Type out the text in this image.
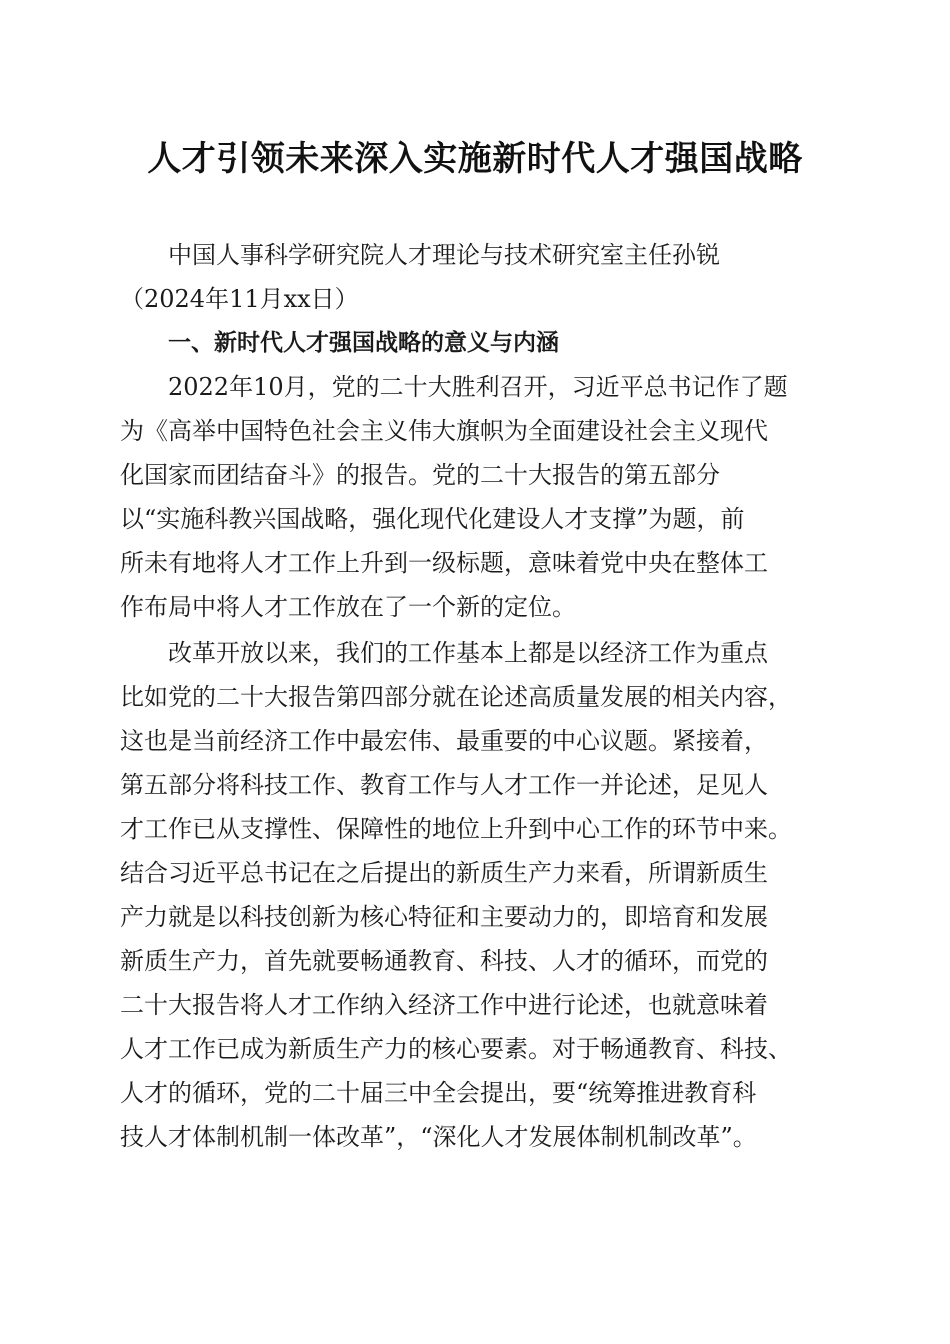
人才引领未来深入实施新时代人才强国战略
中国人事科学研究院人才理论与技术研究室主任孙锐
（2024年11月xx日）
一、新时代人才强国战略的意义与内涵
2022年10月，党的二十大胜利召开，习近平总书记作了题
为《高举中国特色社会主义伟大旗帜为全面建设社会主义现代
化国家而团结奋斗》的报告。党的二十大报告的第五部分
以“实施科教兴国战略，强化现代化建设人才支撑”为题，前
所未有地将人才工作上升到一级标题，意味着党中央在整体工
作布局中将人才工作放在了一个新的定位。
改革开放以来，我们的工作基本上都是以经济工作为重点
比如党的二十大报告第四部分就在论述高质量发展的相关内容，
这也是当前经济工作中最宏伟、最重要的中心议题。紧接着，
第五部分将科技工作、教育工作与人才工作一并论述，足见人
才工作已从支撑性、保障性的地位上升到中心工作的环节中来。
结合习近平总书记在之后提出的新质生产力来看，所谓新质生
产力就是以科技创新为核心特征和主要动力的，即培育和发展
新质生产力，首先就要畅通教育、科技、人才的循环，而党的
二十大报告将人才工作纳入经济工作中进行论述，也就意味着
人才工作已成为新质生产力的核心要素。对于畅通教育、科技、
人才的循环，党的二十届三中全会提出，要“统筹推进教育科
技人才体制机制一体改革”，“深化人才发展体制机制改革”。
